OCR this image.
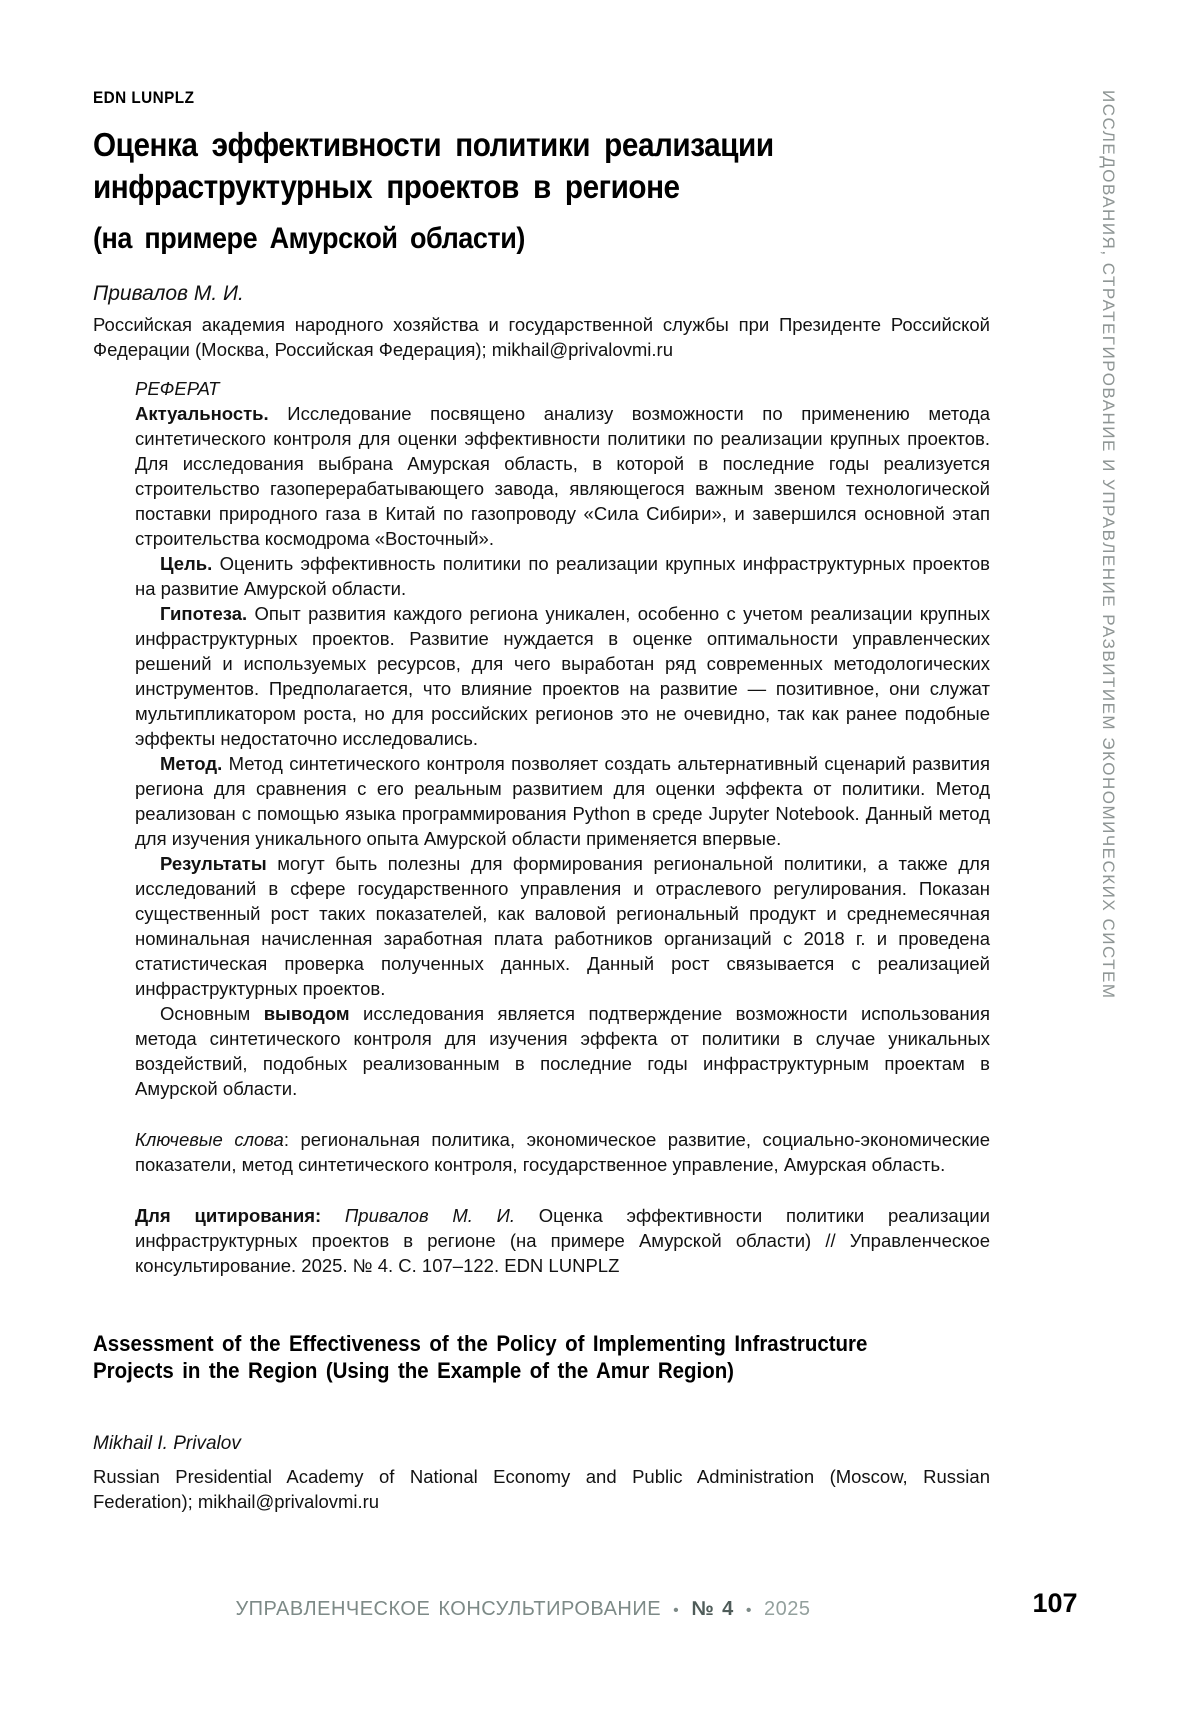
EDN LUNPLZ
Оценка эффективности политики реализации
инфраструктурных проектов в регионе
(на примере Амурской области)
Привалов М. И.
Российская академия народного хозяйства и государственной службы при Президенте Российской Федерации (Москва, Российская Федерация); mikhail@privalovmi.ru
РЕФЕРАТ

Актуальность. Исследование посвящено анализу возможности по применению метода синтетического контроля для оценки эффективности политики по реализации крупных проектов. Для исследования выбрана Амурская область, в которой в последние годы реализуется строительство газоперерабатывающего завода, являющегося важным звеном технологической поставки природного газа в Китай по газопроводу «Сила Сибири», и завершился основной этап строительства космодрома «Восточный».

Цель. Оценить эффективность политики по реализации крупных инфраструктурных проектов на развитие Амурской области.

Гипотеза. Опыт развития каждого региона уникален, особенно с учетом реализации крупных инфраструктурных проектов. Развитие нуждается в оценке оптимальности управленческих решений и используемых ресурсов, для чего выработан ряд современных методологических инструментов. Предполагается, что влияние проектов на развитие — позитивное, они служат мультипликатором роста, но для российских регионов это не очевидно, так как ранее подобные эффекты недостаточно исследовались.

Метод. Метод синтетического контроля позволяет создать альтернативный сценарий развития региона для сравнения с его реальным развитием для оценки эффекта от политики. Метод реализован с помощью языка программирования Python в среде Jupyter Notebook. Данный метод для изучения уникального опыта Амурской области применяется впервые.

Результаты могут быть полезны для формирования региональной политики, а также для исследований в сфере государственного управления и отраслевого регулирования. Показан существенный рост таких показателей, как валовой региональный продукт и среднемесячная номинальная начисленная заработная плата работников организаций с 2018 г. и проведена статистическая проверка полученных данных. Данный рост связывается с реализацией инфраструктурных проектов.

Основным выводом исследования является подтверждение возможности использования метода синтетического контроля для изучения эффекта от политики в случае уникальных воздействий, подобных реализованным в последние годы инфраструктурным проектам в Амурской области.

Ключевые слова: региональная политика, экономическое развитие, социально-экономические показатели, метод синтетического контроля, государственное управление, Амурская область.
Для цитирования: Привалов М. И. Оценка эффективности политики реализации инфраструктурных проектов в регионе (на примере Амурской области) // Управленческое консультирование. 2025. № 4. С. 107–122. EDN LUNPLZ
Assessment of the Effectiveness of the Policy of Implementing Infrastructure
Projects in the Region (Using the Example of the Amur Region)
Mikhail I. Privalov
Russian Presidential Academy of National Economy and Public Administration (Moscow, Russian Federation); mikhail@privalovmi.ru
ИССЛЕДОВАНИЯ, СТРАТЕГИРОВАНИЕ И УПРАВЛЕНИЕ РАЗВИТИЕМ ЭКОНОМИЧЕСКИХ СИСТЕМ
УПРАВЛЕНЧЕСКОЕ КОНСУЛЬТИРОВАНИЕ • № 4 • 2025	107
